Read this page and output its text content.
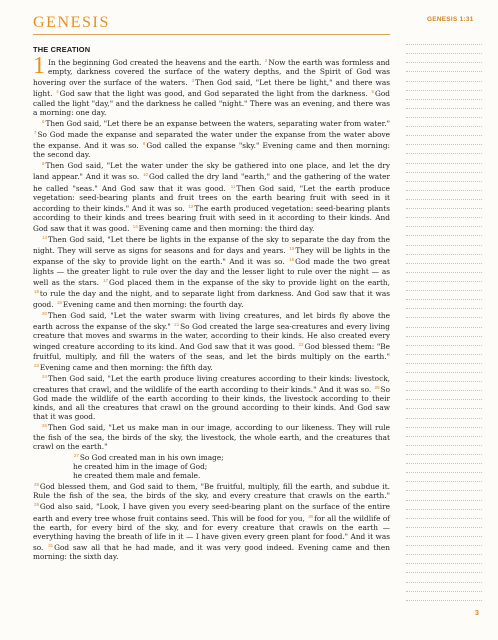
GENESIS	GENESIS 1:31
THE CREATION

1 In the beginning God created the heavens and the earth. $^2$Now the earth was formless and empty, darkness covered the surface of the watery depths, and the Spirit of God was hovering over the surface of the waters. $^3$Then God said, "Let there be light," and there was light. $^4$God saw that the light was good, and God separated the light from the darkness. $^5$God called the light "day," and the darkness he called "night." There was an evening, and there was a morning: one day.

$^6$Then God said, "Let there be an expanse between the waters, separating water from water." $^7$So God made the expanse and separated the water under the expanse from the water above the expanse. And it was so. $^8$God called the expanse "sky." Evening came and then morning: the second day.

$^9$Then God said, "Let the water under the sky be gathered into one place, and let the dry land appear." And it was so. $^{10}$God called the dry land "earth," and the gathering of the water he called "seas." And God saw that it was good. $^{11}$Then God said, "Let the earth produce vegetation: seed-bearing plants and fruit trees on the earth bearing fruit with seed in it according to their kinds." And it was so. $^{12}$The earth produced vegetation: seed-bearing plants according to their kinds and trees bearing fruit with seed in it according to their kinds. And God saw that it was good. $^{13}$Evening came and then morning: the third day.

$^{14}$Then God said, "Let there be lights in the expanse of the sky to separate the day from the night. They will serve as signs for seasons and for days and years. $^{15}$They will be lights in the expanse of the sky to provide light on the earth." And it was so. $^{16}$God made the two great lights — the greater light to rule over the day and the lesser light to rule over the night — as well as the stars. $^{17}$God placed them in the expanse of the sky to provide light on the earth, $^{18}$to rule the day and the night, and to separate light from darkness. And God saw that it was good. $^{19}$Evening came and then morning: the fourth day.

$^{20}$Then God said, "Let the water swarm with living creatures, and let birds fly above the earth across the expanse of the sky." $^{21}$So God created the large sea-creatures and every living creature that moves and swarms in the water, according to their kinds. He also created every winged creature according to its kind. And God saw that it was good. $^{22}$God blessed them: "Be fruitful, multiply, and fill the waters of the seas, and let the birds multiply on the earth." $^{23}$Evening came and then morning: the fifth day.

$^{24}$Then God said, "Let the earth produce living creatures according to their kinds: livestock, creatures that crawl, and the wildlife of the earth according to their kinds." And it was so. $^{25}$So God made the wildlife of the earth according to their kinds, the livestock according to their kinds, and all the creatures that crawl on the ground according to their kinds. And God saw that it was good.

$^{26}$Then God said, "Let us make man in our image, according to our likeness. They will rule the fish of the sea, the birds of the sky, the livestock, the whole earth, and the creatures that crawl on the earth."

$^{27}$So God created man in his own image;
he created him in the image of God;
he created them male and female.

$^{28}$God blessed them, and God said to them, "Be fruitful, multiply, fill the earth, and subdue it. Rule the fish of the sea, the birds of the sky, and every creature that crawls on the earth." $^{29}$God also said, "Look, I have given you every seed-bearing plant on the surface of the entire earth and every tree whose fruit contains seed. This will be food for you, $^{30}$for all the wildlife of the earth, for every bird of the sky, and for every creature that crawls on the earth — everything having the breath of life in it — I have given every green plant for food." And it was so. $^{31}$God saw all that he had made, and it was very good indeed. Evening came and then morning: the sixth day.

3
